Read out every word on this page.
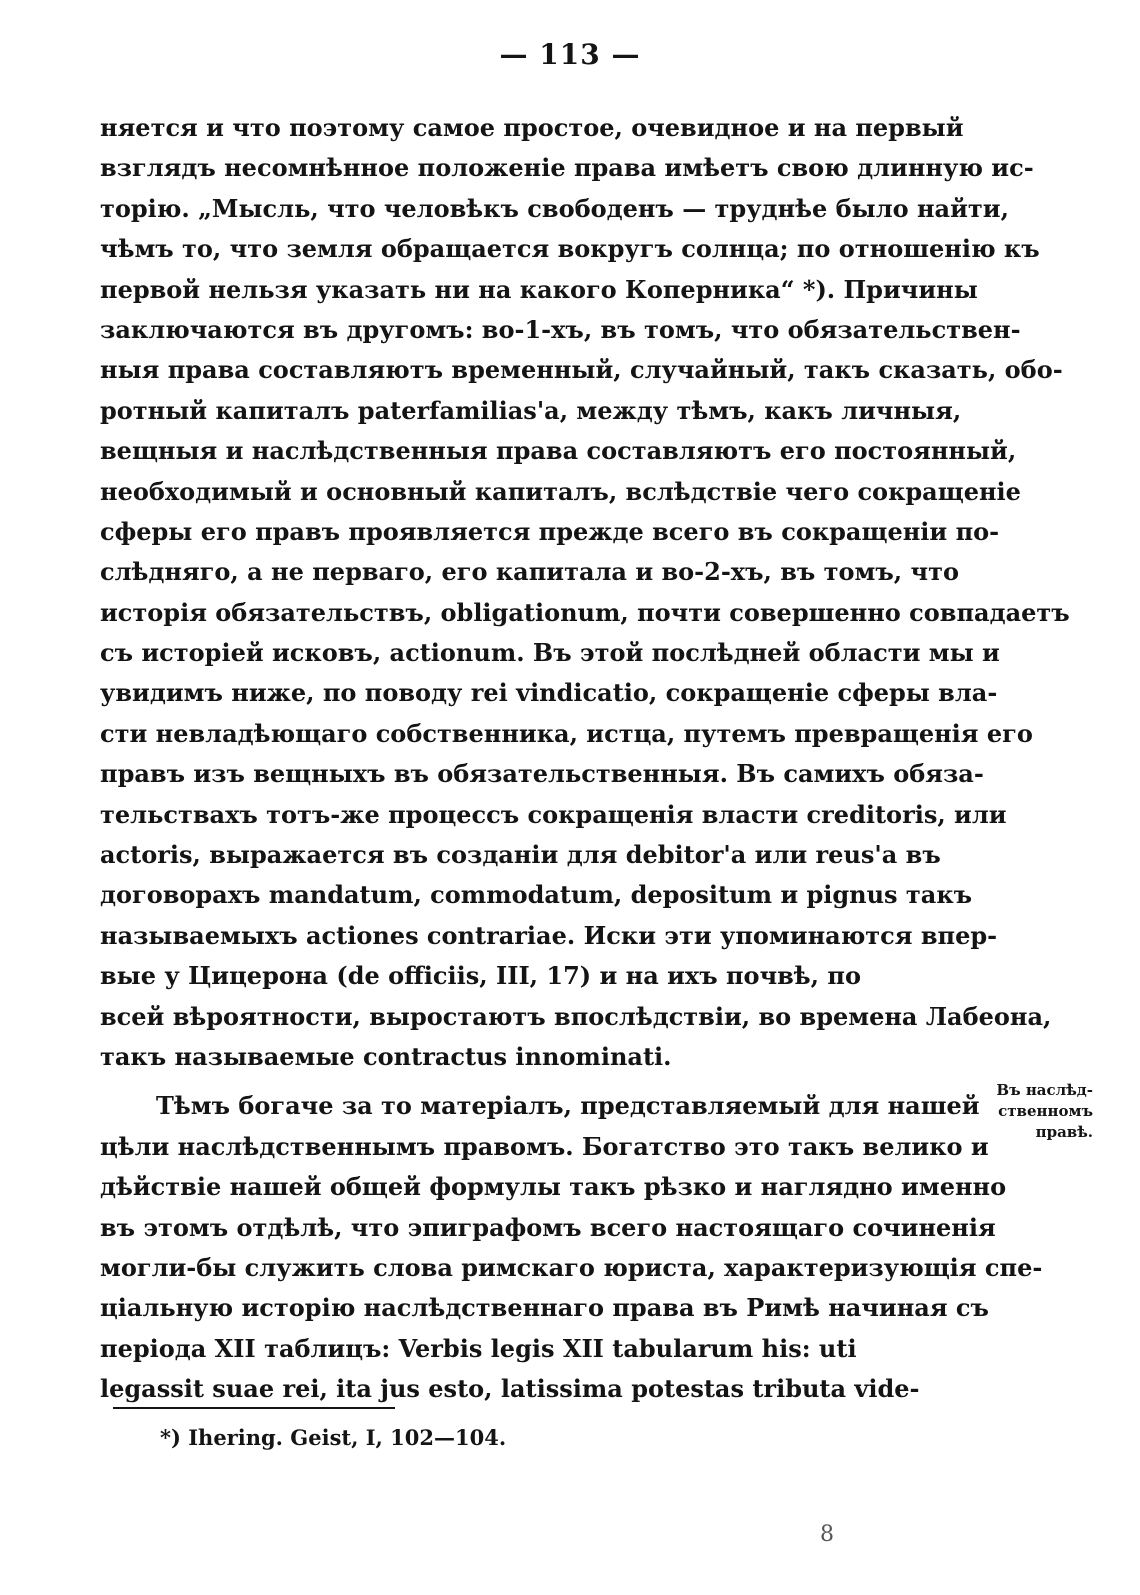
— 113 —
няется и что поэтому самое простое, очевидное и на первый
взглядъ несомнѣнное положеніе права имѣетъ свою длинную ис-
торію. „Мысль, что человѣкъ свободенъ — труднѣе было найти,
чѣмъ то, что земля обращается вокругъ солнца; по отношенію къ
первой нельзя указать ни на какого Коперника“ *). Причины
заключаются въ другомъ: во-1-хъ, въ томъ, что обязательствен-
ныя права составляютъ временный, случайный, такъ сказать, обо-
ротный капиталъ paterfamilias'а, между тѣмъ, какъ личныя,
вещныя и наслѣдственныя права составляютъ его постоянный,
необходимый и основный капиталъ, вслѣдствіе чего сокращеніе
сферы его правъ проявляется прежде всего въ сокращеніи по-
слѣдняго, а не перваго, его капитала и во-2-хъ, въ томъ, что
исторія обязательствъ, obligationum, почти совершенно совпадаетъ
съ исторіей исковъ, actionum. Въ этой послѣдней области мы и
увидимъ ниже, по поводу rei vindicatio, сокращеніе сферы вла-
сти невладѣющаго собственника, истца, путемъ превращенія его
правъ изъ вещныхъ въ обязательственныя. Въ самихъ обяза-
тельствахъ тотъ-же процессъ сокращенія власти creditoris, или
actoris, выражается въ созданіи для debitor'а или reus'а въ
договорахъ mandatum, commodatum, depositum и pignus такъ
называемыхъ actiones contrariae. Иски эти упоминаются впер-
вые у Цицерона (de officiis, III, 17) и на ихъ почвѣ, по
всей вѣроятности, выростаютъ впослѣдствіи, во времена Лабеона,
такъ называемые contractus innominati.
Тѣмъ богаче за то матеріалъ, представляемый для нашей
цѣли наслѣдственнымъ правомъ. Богатство это такъ велико и
дѣйствіе нашей общей формулы такъ рѣзко и наглядно именно
въ этомъ отдѣлѣ, что эпиграфомъ всего настоящаго сочиненія
могли-бы служить слова римскаго юриста, характеризующія спе-
ціальную исторію наслѣдственнаго права въ Римѣ начиная съ
періода XII таблицъ: Verbis legis XII tabularum his: uti
legassit suae rei, ita jus esto, latissima potestas tributa vide-
Въ наслѣд-
ственномъ
правѣ.
*) Ihering. Geist, I, 102—104.
8
